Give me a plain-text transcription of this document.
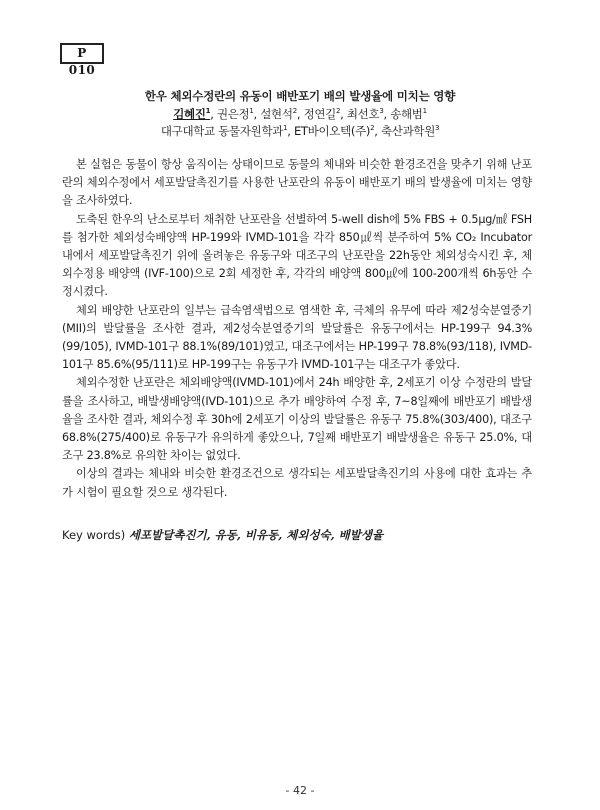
P 010
한우 체외수정란의 유동이 배반포기 배의 발생율에 미치는 영향
김혜진$^1$, 권은정$^1$, 설현석$^2$, 정연길$^2$, 최선호$^3$, 송해범$^1$
대구대학교 동물자원학과$^1$, ET바이오텍(주)$^2$, 축산과학원$^3$

본 실험은 동물이 항상 움직이는 상태이므로 동물의 체내와 비슷한 환경조건을 맞추기 위해 난포란의 체외수정에서 세포발달촉진기를 사용한 난포란의 유동이 배반포기 배의 발생율에 미치는 영향을 조사하였다.

도축된 한우의 난소로부터 채취한 난포란을 선별하여 5-well dish에 5% FBS + 0.5μg/㎖ FSH를 첨가한 체외성숙배양액 HP-199와 IVMD-101을 각각 850㎕씩 분주하여 5% CO₂ Incubator 내에서 세포발달촉진기 위에 올려놓은 유동구와 대조구의 난포란을 22h동안 체외성숙시킨 후, 체외수정용 배양액 (IVF-100)으로 2회 세정한 후, 각각의 배양액 800㎕에 100-200개씩 6h동안 수정시켰다.

체외 배양한 난포란의 일부는 급속염색법으로 염색한 후, 극체의 유무에 따라 제2성숙분열중기(MII)의 발달률을 조사한 결과, 제2성숙분열중기의 발달률은 유동구에서는 HP-199구 94.3%(99/105), IVMD-101구 88.1%(89/101)였고, 대조구에서는 HP-199구 78.8%(93/118), IVMD-101구 85.6%(95/111)로 HP-199구는 유동구가 IVMD-101구는 대조구가 좋았다.

체외수정한 난포란은 체외배양액(IVMD-101)에서 24h 배양한 후, 2세포기 이상 수정란의 발달률을 조사하고, 배발생배양액(IVD-101)으로 추가 배양하여 수정 후, 7~8일째에 배반포기 배발생율을 조사한 결과, 체외수정 후 30h에 2세포기 이상의 발달률은 유동구 75.8%(303/400), 대조구 68.8%(275/400)로 유동구가 유의하게 좋았으나, 7일째 배반포기 배발생율은 유동구 25.0%, 대조구 23.8%로 유의한 차이는 없었다.

이상의 결과는 체내와 비슷한 환경조건으로 생각되는 세포발달촉진기의 사용에 대한 효과는 추가 시험이 필요할 것으로 생각된다.

Key words) 세포발달촉진기, 유동, 비유동, 체외성숙, 배발생율
- 42 -
